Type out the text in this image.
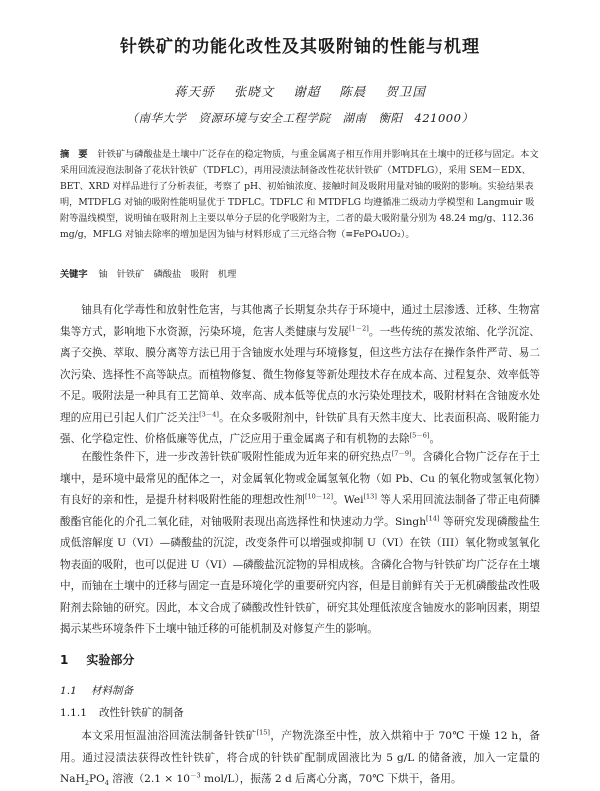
针铁矿的功能化改性及其吸附铀的性能与机理
蒋天骄 张晓文 谢超 陈晨 贺卫国
（南华大学　资源环境与安全工程学院　湖南　衡阳　421000）
摘　要 针铁矿与磷酸盐是土壤中广泛存在的稳定物质，与重金属离子相互作用并影响其在土壤中的迁移与固定。本文采用回流浸泡法制备了花状针铁矿（TDFLC），再用浸渍法制备改性花状针铁矿（MTDFLG），采用 SEM－EDX、BET、XRD 对样品进行了分析表征，考察了 pH、初始铀浓度、接触时间及吸附用量对铀的吸附的影响。实验结果表明，MTDFLG 对铀的吸附性能明显优于 TDFLC。TDFLC 和 MTDFLG 均遵循准二级动力学模型和 Langmuir 吸附等温线模型，说明铀在吸附剂上主要以单分子层的化学吸附为主，二者的最大吸附量分别为 48.24 mg/g、112.36 mg/g，MFLG 对铀去除率的增加是因为铀与材料形成了三元络合物（≡FePO₄UO₂）。
关键字 铀　 针铁矿　 磷酸盐　 吸附　 机理

铀具有化学毒性和放射性危害，与其他离子长期复杂共存于环境中，通过土层渗透、迁移、生物富集等方式，影响地下水资源，污染环境，危害人类健康与发展[1－2]。一些传统的蒸发浓缩、化学沉淀、离子交换、萃取、膜分离等方法已用于含铀废水处理与环境修复，但这些方法存在操作条件严苛、易二次污染、选择性不高等缺点。而植物修复、微生物修复等新处理技术存在成本高、过程复杂、效率低等不足。吸附法是一种具有工艺简单、效率高、成本低等优点的水污染处理技术，吸附材料在含铀废水处理的应用已引起人们广泛关注[3－4]。在众多吸附剂中，针铁矿具有天然丰度大、比表面积高、吸附能力强、化学稳定性、价格低廉等优点，广泛应用于重金属离子和有机物的去除[5－6]。

在酸性条件下，进一步改善针铁矿吸附性能成为近年来的研究热点[7－9]。含磷化合物广泛存在于土壤中，是环境中最常见的配体之一，对金属氧化物或金属氢氧化物（如 Pb、Cu 的氧化物或氢氧化物）有良好的亲和性，是提升材料吸附性能的理想改性剂[10－12]。Wei[13] 等人采用回流法制备了带正电荷膦酸酯官能化的介孔二氧化硅，对铀吸附表现出高选择性和快速动力学。Singh[14] 等研究发现磷酸盐生成低溶解度 U（VI）—磷酸盐的沉淀，改变条件可以增强或抑制 U（VI）在铁（III）氧化物或氢氧化物表面的吸附，也可以促进 U（VI）—磷酸盐沉淀物的异相成核。含磷化合物与针铁矿均广泛存在土壤中，而铀在土壤中的迁移与固定一直是环境化学的重要研究内容，但是目前鲜有关于无机磷酸盐改性吸附剂去除铀的研究。因此，本文合成了磷酸改性针铁矿，研究其处理低浓度含铀废水的影响因素，期望揭示某些环境条件下土壤中铀迁移的可能机制及对修复产生的影响。

1 实验部分
1.1 材料制备
1.1.1 改性针铁矿的制备

本文采用恒温油浴回流法制备针铁矿[15]，产物洗涤至中性，放入烘箱中于 70℃ 干燥 12 h，备用。通过浸渍法获得改性针铁矿，将合成的针铁矿配制成固液比为 5 g/L 的储备液，加入一定量的 $NaH_2PO_4$ 溶液（$2.1 \times 10^{-3}$ mol/L），振荡 2 d 后离心分离，70℃ 下烘干，备用。
